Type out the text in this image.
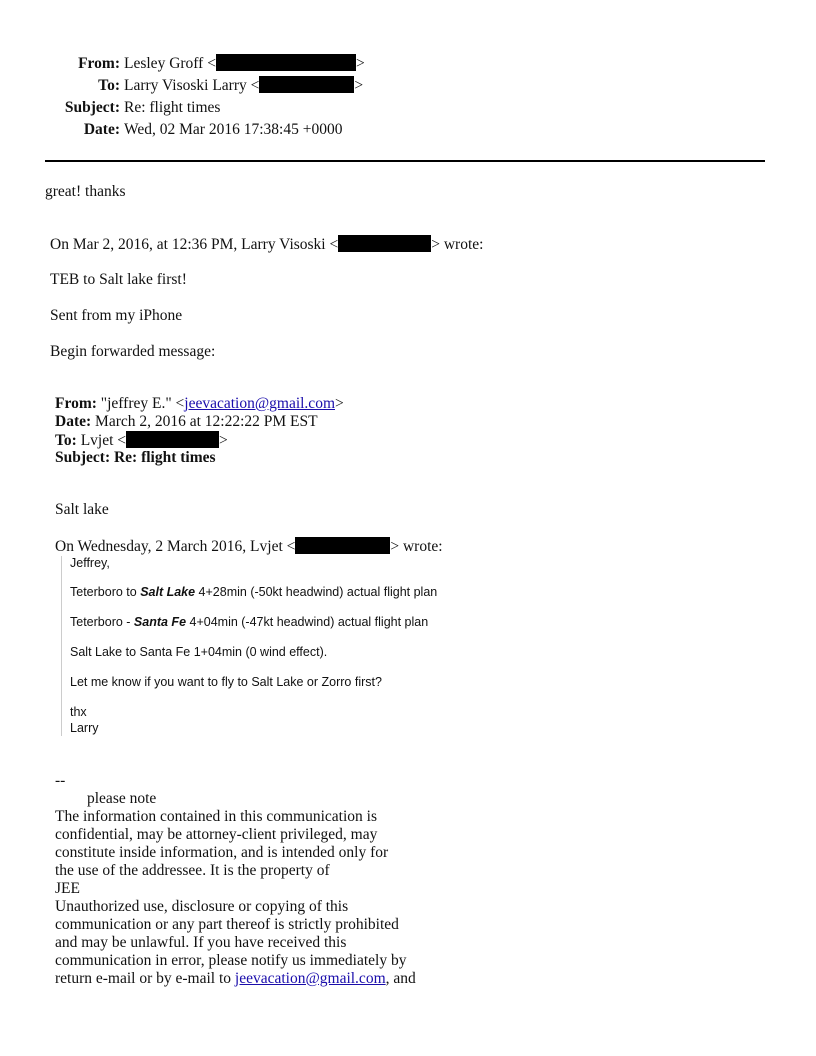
From: Lesley Groff <	>
To: Larry Visoski Larry <	>
Subject: Re: flight times
Date: Wed, 02 Mar 2016 17:38:45 +0000
great! thanks
On Mar 2, 2016, at 12:36 PM, Larry Visoski <	> wrote:
TEB to Salt lake first!
Sent from my iPhone
Begin forwarded message:
From: "jeffrey E." <jeevacation@gmail.com>
Date: March 2, 2016 at 12:22:22 PM EST
To: Lvjet <	>
Subject: Re: flight times
Salt lake
On Wednesday, 2 March 2016, Lvjet <	> wrote:
Jeffrey,
Teterboro to Salt Lake 4+28min (-50kt headwind) actual flight plan
Teterboro - Santa Fe 4+04min (-47kt headwind) actual flight plan
Salt Lake to Santa Fe 1+04min (0 wind effect).
Let me know if you want to fly to Salt Lake or Zorro first?
thx
Larry
--
please note
The information contained in this communication is
confidential, may be attorney-client privileged, may
constitute inside information, and is intended only for
the use of the addressee. It is the property of
JEE
Unauthorized use, disclosure or copying of this
communication or any part thereof is strictly prohibited
and may be unlawful. If you have received this
communication in error, please notify us immediately by
return e-mail or by e-mail to jeevacation@gmail.com, and
